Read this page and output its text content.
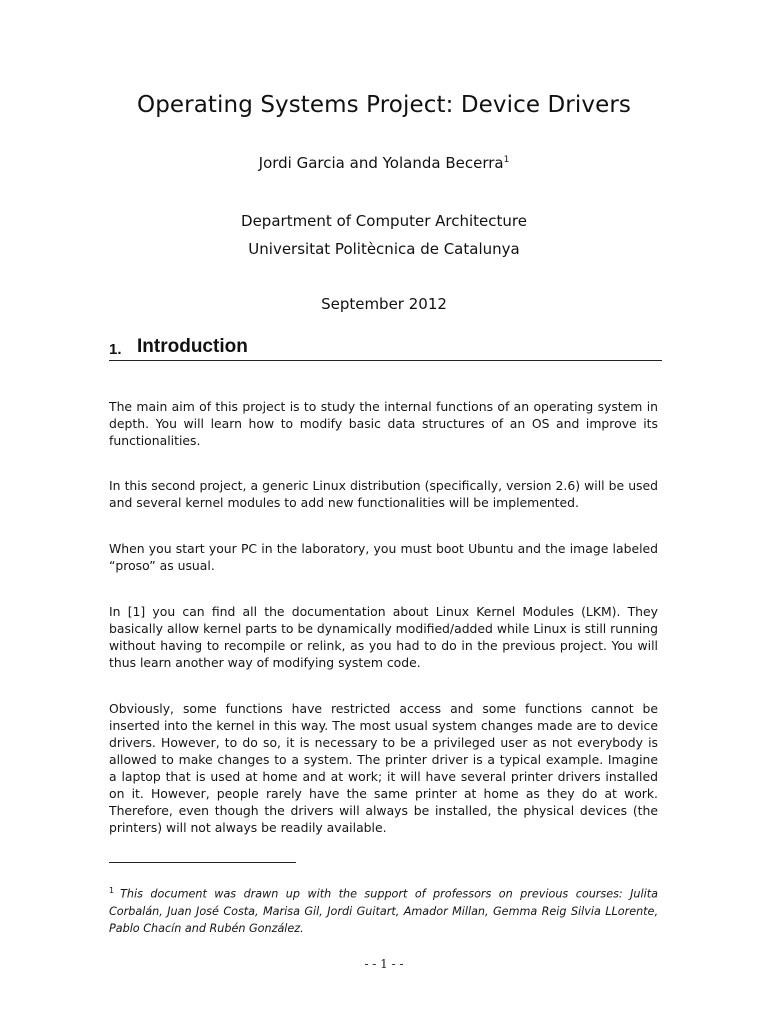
Operating Systems Project: Device Drivers
Jordi Garcia and Yolanda Becerra$^1$
Department of Computer Architecture
Universitat Politècnica de Catalunya
September 2012
1. Introduction
The main aim of this project is to study the internal functions of an operating system in depth. You will learn how to modify basic data structures of an OS and improve its functionalities.
In this second project, a generic Linux distribution (specifically, version 2.6) will be used and several kernel modules to add new functionalities will be implemented.
When you start your PC in the laboratory, you must boot Ubuntu and the image labeled “proso” as usual.
In [1] you can find all the documentation about Linux Kernel Modules (LKM). They basically allow kernel parts to be dynamically modified/added while Linux is still running without having to recompile or relink, as you had to do in the previous project. You will thus learn another way of modifying system code.
Obviously, some functions have restricted access and some functions cannot be inserted into the kernel in this way. The most usual system changes made are to device drivers. However, to do so, it is necessary to be a privileged user as not everybody is allowed to make changes to a system. The printer driver is a typical example. Imagine a laptop that is used at home and at work; it will have several printer drivers installed on it. However, people rarely have the same printer at home as they do at work. Therefore, even though the drivers will always be installed, the physical devices (the printers) will not always be readily available.
$^1$ This document was drawn up with the support of professors on previous courses: Julita Corbalán, Juan José Costa, Marisa Gil, Jordi Guitart, Amador Millan, Gemma Reig Silvia LLorente, Pablo Chacín and Rubén González.
- - 1 - -
